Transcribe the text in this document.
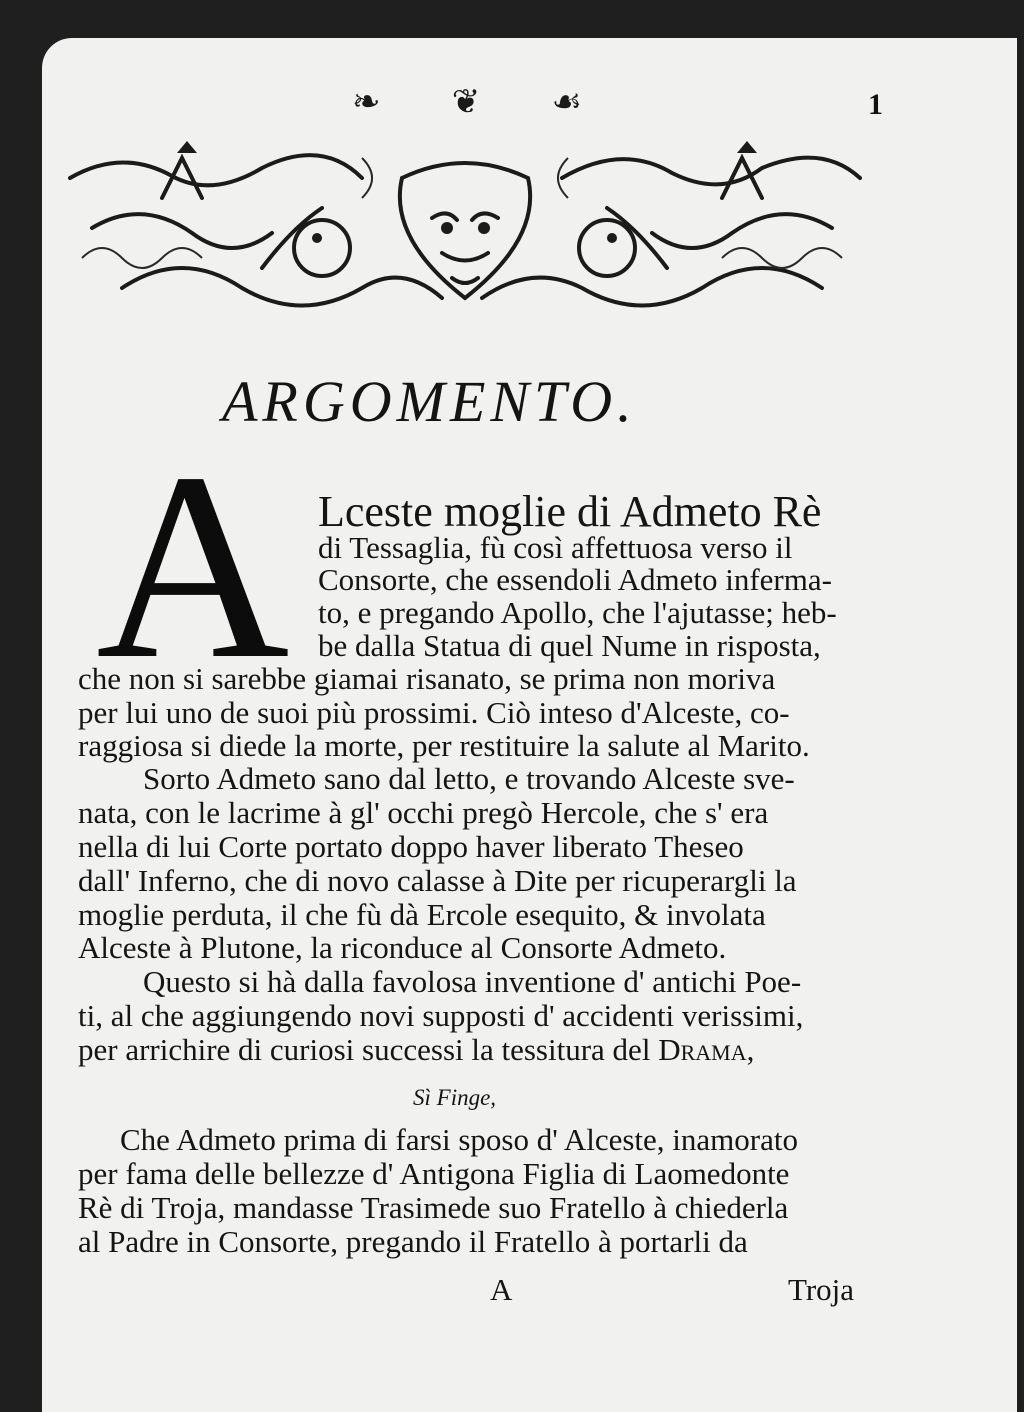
❧ ❦ ☙	1
ARGOMENTO.
A Lceste moglie di Admeto Rè
di Tessaglia, fù così affettuosa verso il
Consorte, che essendoli Admeto inferma-
to, e pregando Apollo, che l'ajutasse; heb-
be dalla Statua di quel Nume in risposta,
che non si sarebbe giamai risanato, se prima non moriva
per lui uno de suoi più prossimi. Ciò inteso d'Alceste, co-
raggiosa si diede la morte, per restituire la salute al Marito.
Sorto Admeto sano dal letto, e trovando Alceste sve-
nata, con le lacrime à gl' occhi pregò Hercole, che s' era
nella di lui Corte portato doppo haver liberato Theseo
dall' Inferno, che di novo calasse à Dite per ricuperargli la
moglie perduta, il che fù dà Ercole esequito, & involata
Alceste à Plutone, la riconduce al Consorte Admeto.
Questo si hà dalla favolosa inventione d' antichi Poe-
ti, al che aggiungendo novi supposti d' accidenti verissimi,
per arrichire di curiosi successi la tessitura del Drama,
Sì Finge,
Che Admeto prima di farsi sposo d' Alceste, inamorato
per fama delle bellezze d' Antigona Figlia di Laomedonte
Rè di Troja, mandasse Trasimede suo Fratello à chiederla
al Padre in Consorte, pregando il Fratello à portarli da
A	Troja
